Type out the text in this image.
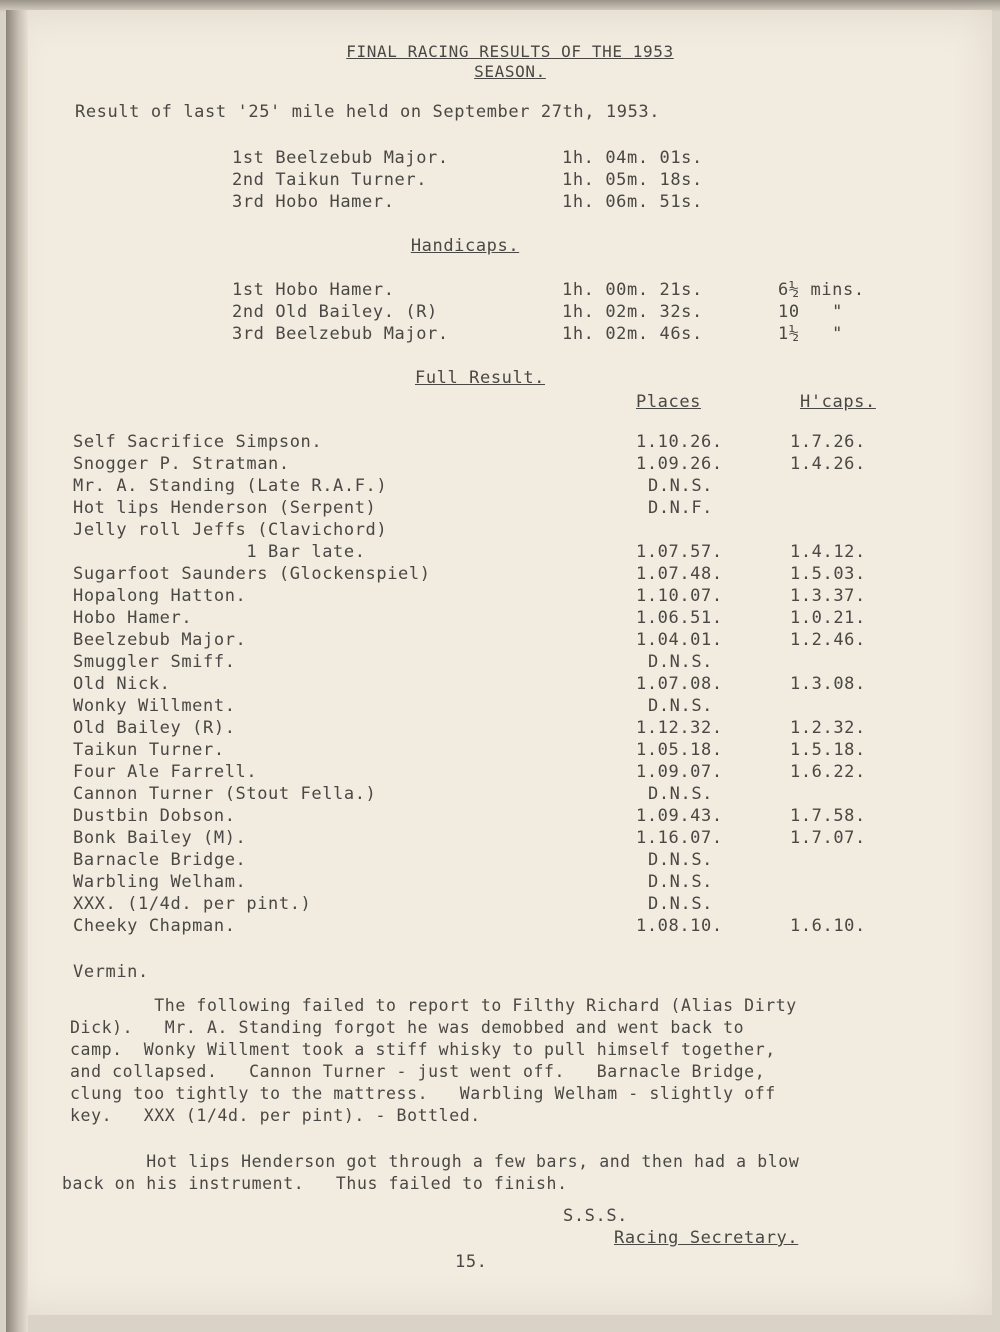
FINAL RACING RESULTS OF THE 1953
SEASON.
Result of last '25' mile held on September 27th, 1953.
1st Beelzebub Major.	1h. 04m. 01s.
2nd Taikun Turner.	1h. 05m. 18s.
3rd Hobo Hamer.	1h. 06m. 51s.
Handicaps.
1st Hobo Hamer.	1h. 00m. 21s.	6½ mins.
2nd Old Bailey. (R)	1h. 02m. 32s.	10   "
3rd Beelzebub Major.	1h. 02m. 46s.	1½   "
Full Result.
Places	H'caps.
Self Sacrifice Simpson.	1.10.26.	1.7.26.
Snogger P. Stratman.	1.09.26.	1.4.26.
Mr. A. Standing (Late R.A.F.)	D.N.S.
Hot lips Henderson (Serpent)	D.N.F.
Jelly roll Jeffs (Clavichord)
1 Bar late.	1.07.57.	1.4.12.
Sugarfoot Saunders (Glockenspiel)	1.07.48.	1.5.03.
Hopalong Hatton.	1.10.07.	1.3.37.
Hobo Hamer.	1.06.51.	1.0.21.
Beelzebub Major.	1.04.01.	1.2.46.
Smuggler Smiff.	D.N.S.
Old Nick.	1.07.08.	1.3.08.
Wonky Willment.	D.N.S.
Old Bailey (R).	1.12.32.	1.2.32.
Taikun Turner.	1.05.18.	1.5.18.
Four Ale Farrell.	1.09.07.	1.6.22.
Cannon Turner (Stout Fella.)	D.N.S.
Dustbin Dobson.	1.09.43.	1.7.58.
Bonk Bailey (M).	1.16.07.	1.7.07.
Barnacle Bridge.	D.N.S.
Warbling Welham.	D.N.S.
XXX. (1/4d. per pint.)	D.N.S.
Cheeky Chapman.	1.08.10.	1.6.10.
Vermin.
The following failed to report to Filthy Richard (Alias Dirty
Dick).   Mr. A. Standing forgot he was demobbed and went back to
camp.  Wonky Willment took a stiff whisky to pull himself together,
and collapsed.   Cannon Turner - just went off.   Barnacle Bridge,
clung too tightly to the mattress.   Warbling Welham - slightly off
key.   XXX (1/4d. per pint). - Bottled.
Hot lips Henderson got through a few bars, and then had a blow
back on his instrument.   Thus failed to finish.
S.S.S.
Racing Secretary.
15.
